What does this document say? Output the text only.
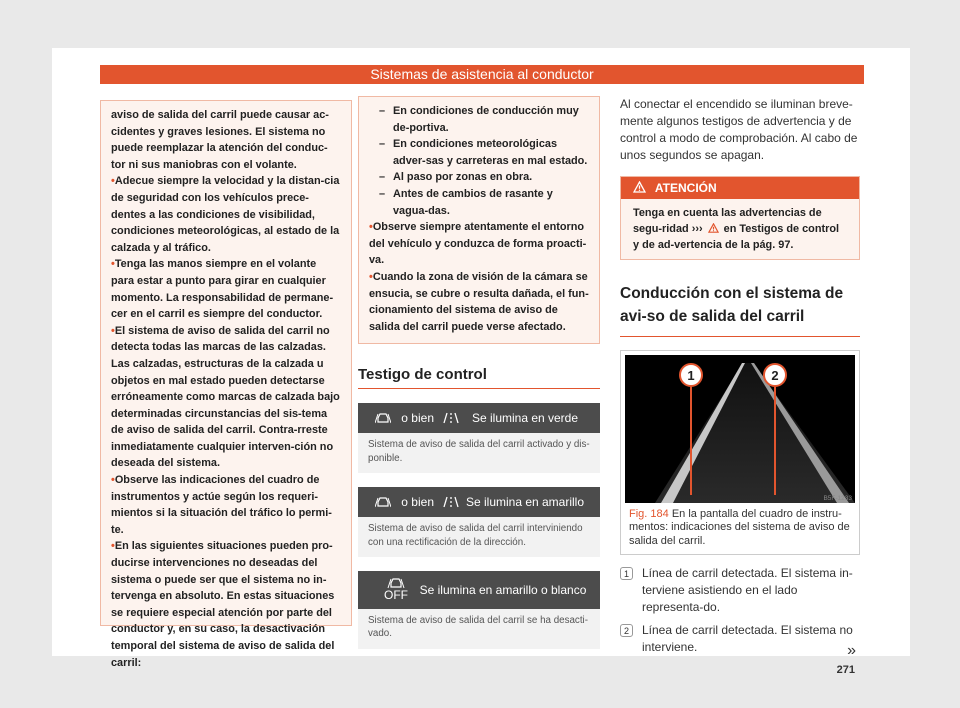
Sistemas de asistencia al conductor

aviso de salida del carril puede causar ac-cidentes y graves lesiones. El sistema no puede reemplazar la atención del conduc-tor ni sus maniobras con el volante.

• Adecue siempre la velocidad y la distan-cia de seguridad con los vehículos prece-dentes a las condiciones de visibilidad, condiciones meteorológicas, al estado de la calzada y al tráfico.

• Tenga las manos siempre en el volante para estar a punto para girar en cualquier momento. La responsabilidad de permane-cer en el carril es siempre del conductor.

• El sistema de aviso de salida del carril no detecta todas las marcas de las calzadas. Las calzadas, estructuras de la calzada u objetos en mal estado pueden detectarse erróneamente como marcas de calzada bajo determinadas circunstancias del sis-tema de aviso de salida del carril. Contra-rreste inmediatamente cualquier interven-ción no deseada del sistema.

• Observe las indicaciones del cuadro de instrumentos y actúe según los requeri-mientos si la situación del tráfico lo permi-te.

• En las siguientes situaciones pueden pro-ducirse intervenciones no deseadas del sistema o puede ser que el sistema no in-tervenga en absoluto. En estas situaciones se requiere especial atención por parte del conductor y, en su caso, la desactivación temporal del sistema de aviso de salida del carril:

– En condiciones de conducción muy de-portiva.

– En condiciones meteorológicas adver-sas y carreteras en mal estado.

– Al paso por zonas en obra.

– Antes de cambios de rasante y vagua-das.

• Observe siempre atentamente el entorno del vehículo y conduzca de forma proacti-va.

• Cuando la zona de visión de la cámara se ensucia, se cubre o resulta dañada, el fun-cionamiento del sistema de aviso de salida del carril puede verse afectado.

Testigo de control
o bien	Se ilumina en verde
Sistema de aviso de salida del carril activado y dis-ponible.
o bien	Se ilumina en amarillo
Sistema de aviso de salida del carril interviniendo con una rectificación de la dirección.
OFF Se ilumina en amarillo o blanco
Sistema de aviso de salida del carril se ha desacti-vado.

Al conectar el encendido se iluminan breve-mente algunos testigos de advertencia y de control a modo de comprobación. Al cabo de unos segundos se apagan.

ATENCIÓN
Tenga en cuenta las advertencias de segu-ridad ››› en Testigos de control y de ad-vertencia de la pág. 97.
Conducción con el sistema de avi-so de salida del carril
1	2
B5F-1233
Fig. 184 En la pantalla del cuadro de instru-mentos: indicaciones del sistema de aviso de salida del carril.
1	Línea de carril detectada. El sistema in-terviene asistiendo en el lado representa-do.
2	Línea de carril detectada. El sistema no interviene.	»
271
